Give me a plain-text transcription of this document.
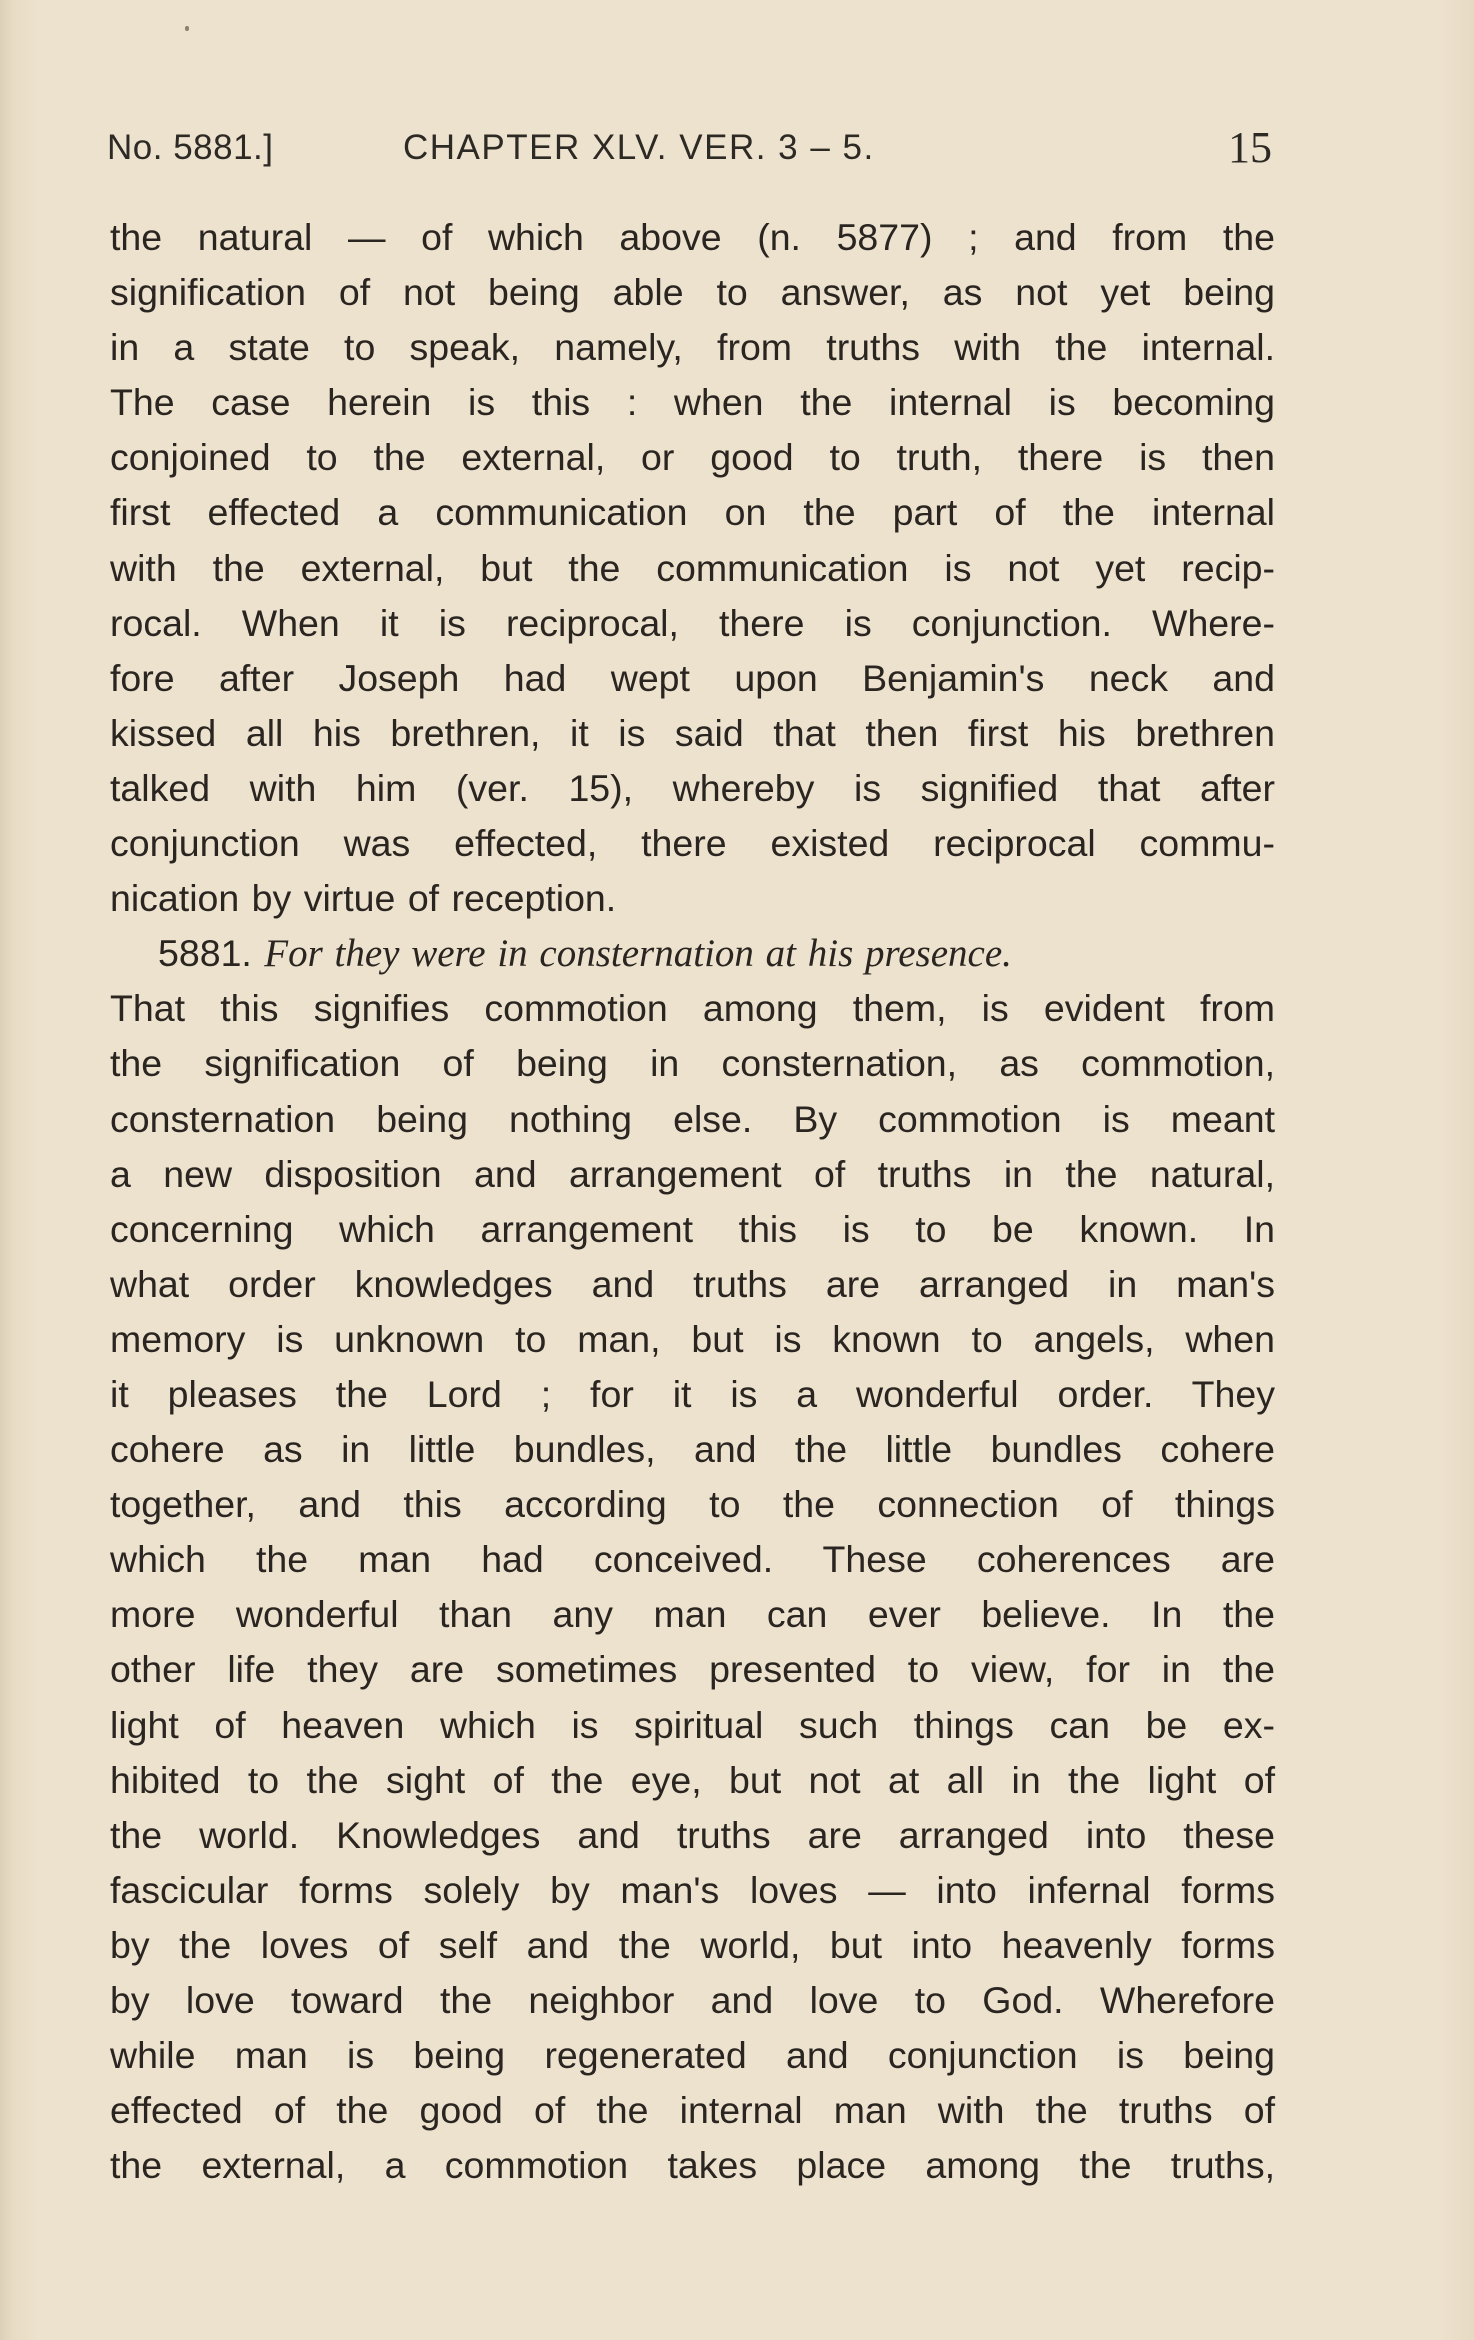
No. 5881.]	CHAPTER XLV. VER. 3 – 5.	15
the natural — of which above (n. 5877) ; and from the
signification of not being able to answer, as not yet being
in a state to speak, namely, from truths with the internal.
The case herein is this : when the internal is becoming
conjoined to the external, or good to truth, there is then
first effected a communication on the part of the internal
with the external, but the communication is not yet recip-
rocal. When it is reciprocal, there is conjunction. Where-
fore after Joseph had wept upon Benjamin's neck and
kissed all his brethren, it is said that then first his brethren
talked with him (ver. 15), whereby is signified that after
conjunction was effected, there existed reciprocal commu-
nication by virtue of reception.
5881. For they were in consternation at his presence.
That this signifies commotion among them, is evident from
the signification of being in consternation, as commotion,
consternation being nothing else. By commotion is meant
a new disposition and arrangement of truths in the natural,
concerning which arrangement this is to be known. In
what order knowledges and truths are arranged in man's
memory is unknown to man, but is known to angels, when
it pleases the Lord ; for it is a wonderful order. They
cohere as in little bundles, and the little bundles cohere
together, and this according to the connection of things
which the man had conceived. These coherences are
more wonderful than any man can ever believe. In the
other life they are sometimes presented to view, for in the
light of heaven which is spiritual such things can be ex-
hibited to the sight of the eye, but not at all in the light of
the world. Knowledges and truths are arranged into these
fascicular forms solely by man's loves — into infernal forms
by the loves of self and the world, but into heavenly forms
by love toward the neighbor and love to God. Wherefore
while man is being regenerated and conjunction is being
effected of the good of the internal man with the truths of
the external, a commotion takes place among the truths,
